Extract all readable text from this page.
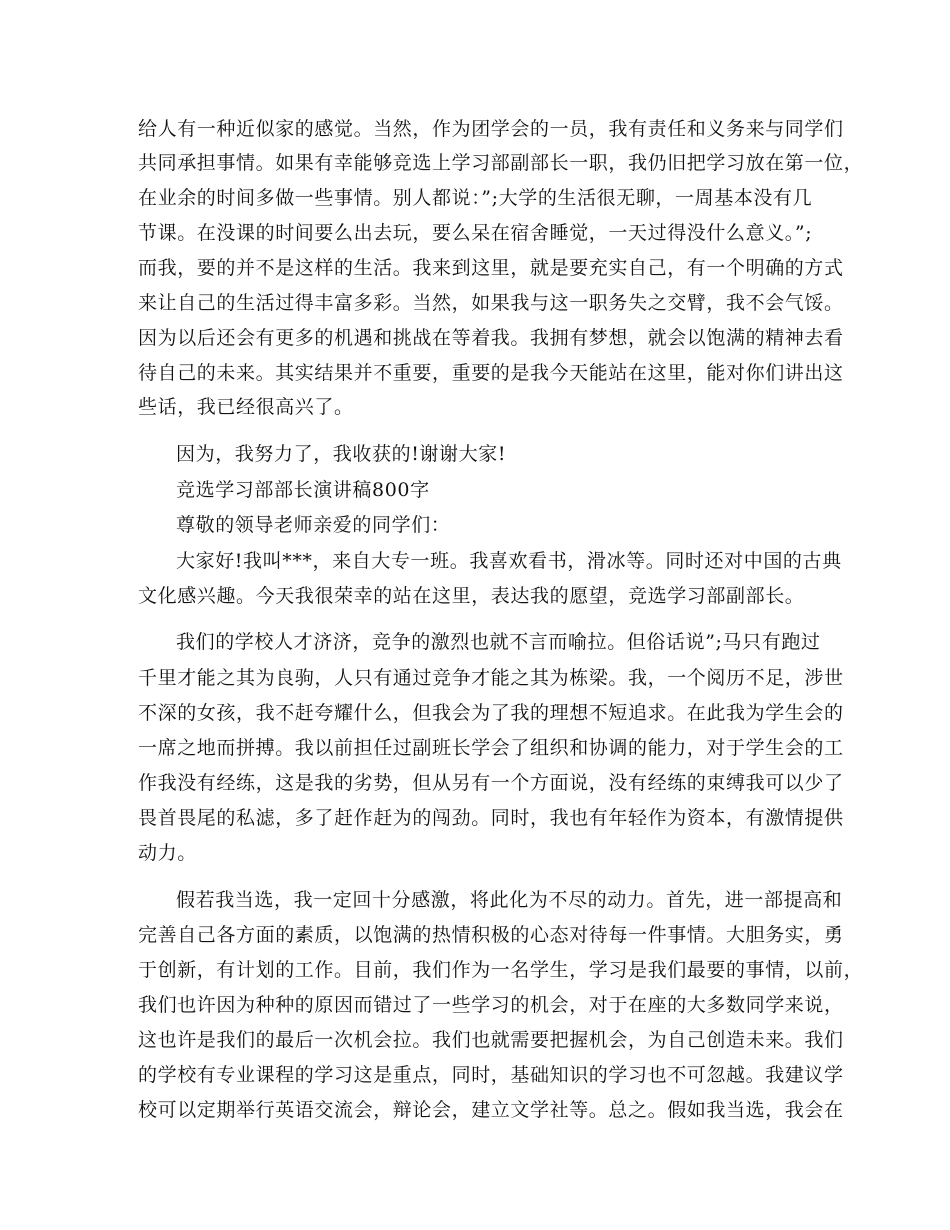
给人有一种近似家的感觉。当然，作为团学会的一员，我有责任和义务来与同学们
共同承担事情。如果有幸能够竞选上学习部副部长一职，我仍旧把学习放在第一位，
在业余的时间多做一些事情。别人都说：”;大学的生活很无聊，一周基本没有几
节课。在没课的时间要么出去玩，要么呆在宿舍睡觉，一天过得没什么意义。”;
而我，要的并不是这样的生活。我来到这里，就是要充实自己，有一个明确的方式
来让自己的生活过得丰富多彩。当然，如果我与这一职务失之交臂，我不会气馁。
因为以后还会有更多的机遇和挑战在等着我。我拥有梦想，就会以饱满的精神去看
待自己的未来。其实结果并不重要，重要的是我今天能站在这里，能对你们讲出这
些话，我已经很高兴了。
因为，我努力了，我收获的!谢谢大家!
竞选学习部部长演讲稿800字
尊敬的领导老师亲爱的同学们：
大家好!我叫***，来自大专一班。我喜欢看书，滑冰等。同时还对中国的古典
文化感兴趣。今天我很荣幸的站在这里，表达我的愿望，竞选学习部副部长。
我们的学校人才济济，竞争的激烈也就不言而喻拉。但俗话说”;马只有跑过
千里才能之其为良驹，人只有通过竞争才能之其为栋梁。我，一个阅历不足，涉世
不深的女孩，我不赶夸耀什么，但我会为了我的理想不短追求。在此我为学生会的
一席之地而拼搏。我以前担任过副班长学会了组织和协调的能力，对于学生会的工
作我没有经练，这是我的劣势，但从另有一个方面说，没有经练的束缚我可以少了
畏首畏尾的私滤，多了赶作赶为的闯劲。同时，我也有年轻作为资本，有激情提供
动力。
假若我当选，我一定回十分感激，将此化为不尽的动力。首先，进一部提高和
完善自己各方面的素质，以饱满的热情积极的心态对待每一件事情。大胆务实，勇
于创新，有计划的工作。目前，我们作为一名学生，学习是我们最要的事情，以前，
我们也许因为种种的原因而错过了一些学习的机会，对于在座的大多数同学来说，
这也许是我们的最后一次机会拉。我们也就需要把握机会，为自己创造未来。我们
的学校有专业课程的学习这是重点，同时，基础知识的学习也不可忽越。我建议学
校可以定期举行英语交流会，辩论会，建立文学社等。总之。假如我当选，我会在
